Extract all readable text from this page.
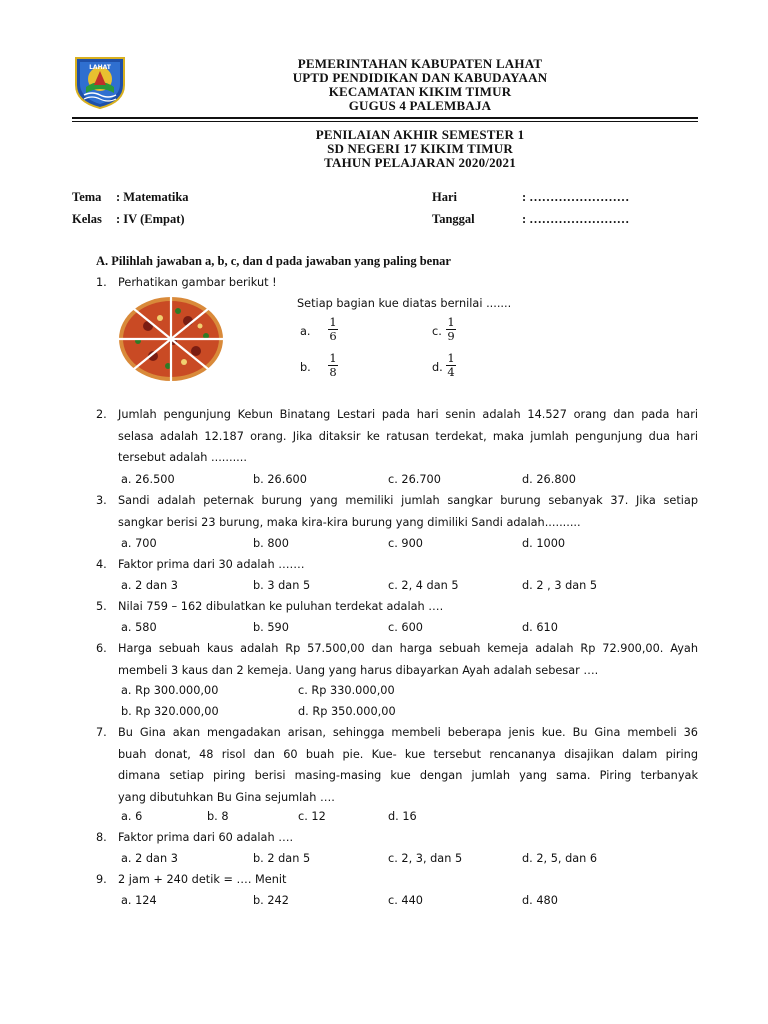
LAHAT	PEMERINTAHAN KABUPATEN LAHAT
UPTD PENDIDIKAN DAN KABUDAYAAN
KECAMATAN KIKIM TIMUR
GUGUS 4 PALEMBAJA
PENILAIAN AKHIR SEMESTER 1
SD NEGERI 17 KIKIM TIMUR
TAHUN PELAJARAN 2020/2021
Tema : Matematika
Kelas : IV (Empat)
Hari	: ……………………
Tanggal	: ……………………
A. Pilihlah jawaban a, b, c, dan d pada jawaban yang paling benar
1. Perhatikan gambar berikut !
Setiap bagian kue diatas bernilai .......
a.
1
6	c.
1
9
b.
1
8	d.
1
4
2. Jumlah pengunjung Kebun Binatang Lestari pada hari senin adalah 14.527 orang dan pada hari
selasa adalah 12.187 orang. Jika ditaksir ke ratusan terdekat, maka jumlah pengunjung dua hari
tersebut adalah ..........
a. 26.500	b. 26.600	c. 26.700	d. 26.800
3. Sandi adalah peternak burung yang memiliki jumlah sangkar burung sebanyak 37. Jika setiap
sangkar berisi 23 burung, maka kira-kira burung yang dimiliki Sandi adalah..........
a. 700	b. 800	c. 900	d. 1000
4. Faktor prima dari 30 adalah …….
a. 2 dan 3	b. 3 dan 5	c. 2, 4 dan 5	d. 2 , 3 dan 5
5. Nilai 759 – 162 dibulatkan ke puluhan terdekat adalah ….
a. 580	b. 590	c. 600	d. 610
6. Harga sebuah kaus adalah Rp 57.500,00 dan harga sebuah kemeja adalah Rp 72.900,00. Ayah
membeli 3 kaus dan 2 kemeja. Uang yang harus dibayarkan Ayah adalah sebesar ….
a. Rp 300.000,00	c. Rp 330.000,00
b. Rp 320.000,00	d. Rp 350.000,00
7. Bu Gina akan mengadakan arisan, sehingga membeli beberapa jenis kue. Bu Gina membeli 36
buah donat, 48 risol dan 60 buah pie. Kue- kue tersebut rencananya disajikan dalam piring
dimana setiap piring berisi masing-masing kue dengan jumlah yang sama. Piring terbanyak
yang dibutuhkan Bu Gina sejumlah ….
a. 6	b. 8	c. 12	d. 16
8. Faktor prima dari 60 adalah ….
a. 2 dan 3	b. 2 dan 5	c. 2, 3, dan 5	d. 2, 5, dan 6
9. 2 jam + 240 detik = …. Menit
a. 124	b. 242	c. 440	d. 480
